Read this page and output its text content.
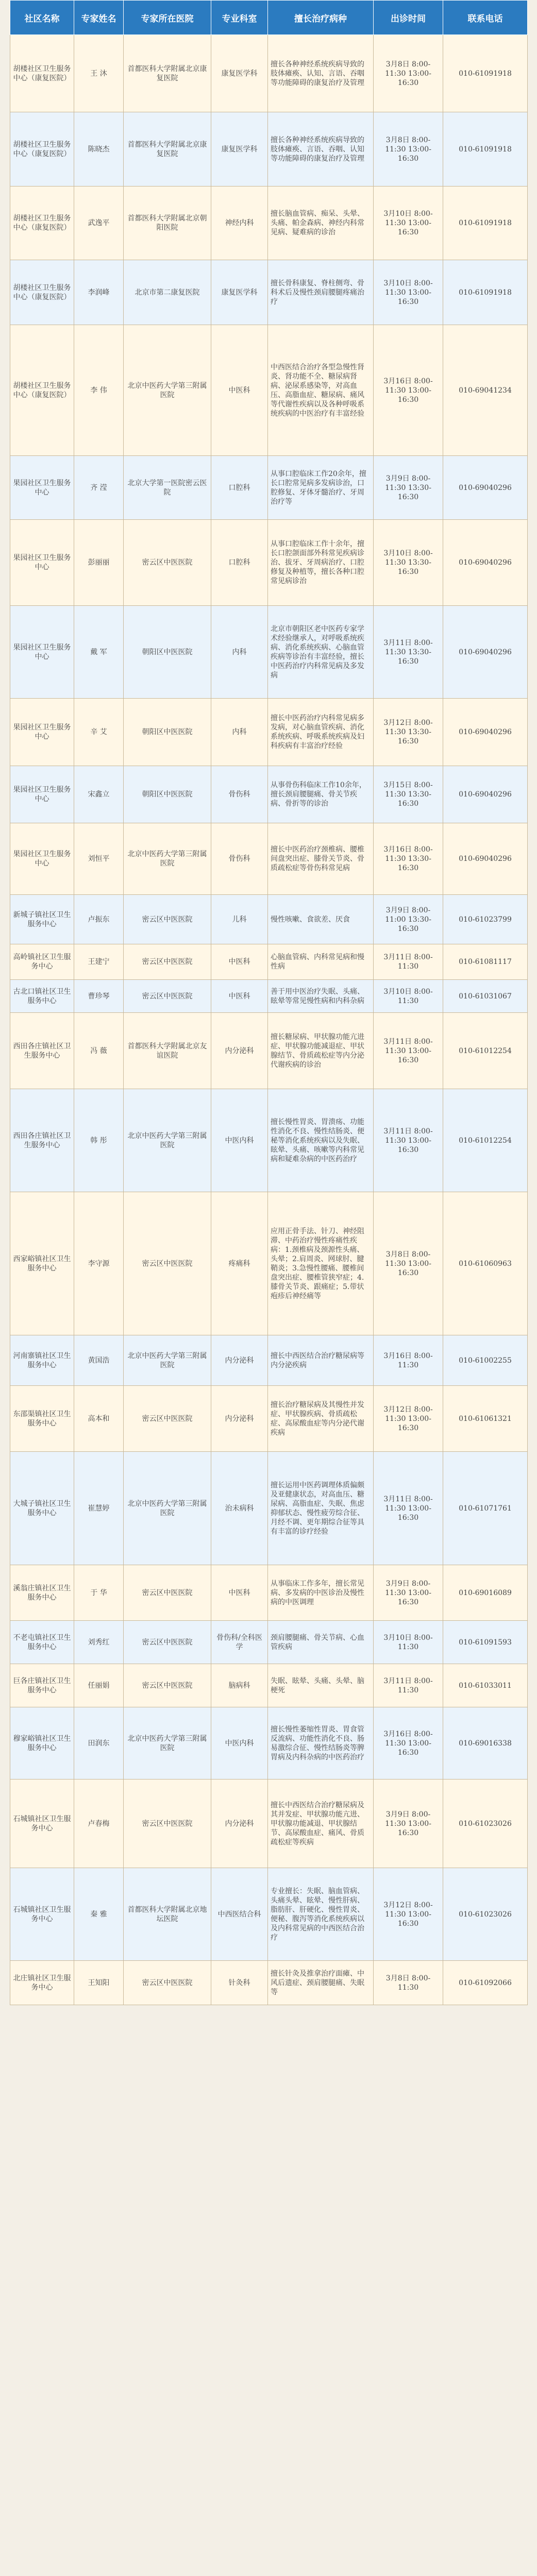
社区名称	专家姓名	专家所在医院	专业科室	擅长治疗病种	出诊时间	联系电话
胡楼社区卫生服务中心（康复医院）	王 沐	首都医科大学附属北京康复医院	康复医学科	擅长各种神经系统疾病导致的肢体瘫痪、认知、言语、吞咽等功能障碍的康复治疗及管理	3月8日 8:00-11:30 13:00-16:30	010-61091918
胡楼社区卫生服务中心（康复医院）	陈晓杰	首都医科大学附属北京康复医院	康复医学科	擅长各种神经系统疾病导致的肢体瘫痪、言语、吞咽、认知等功能障碍的康复治疗及管理	3月8日 8:00-11:30 13:00-16:30	010-61091918
胡楼社区卫生服务中心（康复医院）	武逸平	首都医科大学附属北京朝阳医院	神经内科	擅长脑血管病、痴呆、头晕、头痛、帕金森病、神经内科常见病、疑难病的诊治	3月10日 8:00-11:30 13:00-16:30	010-61091918
胡楼社区卫生服务中心（康复医院）	李润峰	北京市第二康复医院	康复医学科	擅长骨科康复、脊柱侧弯、骨科术后及慢性颈肩腰腿疼痛治疗	3月10日 8:00-11:30 13:00-16:30	010-61091918
胡楼社区卫生服务中心（康复医院）	李 伟	北京中医药大学第三附属医院	中医科	中西医结合治疗各型急慢性肾炎、肾功能不全、糖尿病肾病、泌尿系感染等，对高血压、高脂血症、糖尿病、痛风等代谢性疾病以及各种呼吸系统疾病的中医治疗有丰富经验	3月16日 8:00-11:30 13:00-16:30	010-69041234
果园社区卫生服务中心	齐 滢	北京大学第一医院密云医院	口腔科	从事口腔临床工作20余年，擅长口腔常见病多发病诊治，口腔修复、牙体牙髓治疗、牙周治疗等	3月9日 8:00-11:30 13:30-16:30	010-69040296
果园社区卫生服务中心	彭丽丽	密云区中医医院	口腔科	从事口腔临床工作十余年，擅长口腔颌面部外科常见疾病诊治、拔牙、牙周病治疗、口腔修复及种植等，擅长各种口腔常见病诊治	3月10日 8:00-11:30 13:30-16:30	010-69040296
果园社区卫生服务中心	戴 军	朝阳区中医医院	内科	北京市朝阳区老中医药专家学术经验继承人，对呼吸系统疾病、消化系统疾病、心脑血管疾病等诊治有丰富经验，擅长中医药治疗内科常见病及多发病	3月11日 8:00-11:30 13:30-16:30	010-69040296
果园社区卫生服务中心	辛 艾	朝阳区中医医院	内科	擅长中医药治疗内科常见病多发病，对心脑血管疾病、消化系统疾病、呼吸系统疾病及妇科疾病有丰富治疗经验	3月12日 8:00-11:30 13:30-16:30	010-69040296
果园社区卫生服务中心	宋鑫立	朝阳区中医医院	骨伤科	从事骨伤科临床工作10余年，擅长颈肩腰腿痛、骨关节疾病、骨折等的诊治	3月15日 8:00-11:30 13:30-16:30	010-69040296
果园社区卫生服务中心	刘恒平	北京中医药大学第三附属医院	骨伤科	擅长中医药治疗颈椎病、腰椎间盘突出症、膝骨关节炎、骨质疏松症等骨伤科常见病	3月16日 8:00-11:30 13:30-16:30	010-69040296
新城子镇社区卫生服务中心	卢振东	密云区中医医院	儿科	慢性咳嗽、食欲差、厌食	3月9日 8:00-11:00 13:30-16:30	010-61023799
高岭镇社区卫生服务中心	王建宁	密云区中医医院	中医科	心脑血管病、内科常见病和慢性病	3月11日 8:00-11:30	010-61081117
古北口镇社区卫生服务中心	曹珍琴	密云区中医医院	中医科	善于用中医治疗失眠、头痛、眩晕等常见慢性病和内科杂病	3月10日 8:00-11:30	010-61031067
西田各庄镇社区卫生服务中心	冯 薇	首都医科大学附属北京友谊医院	内分泌科	擅长糖尿病、甲状腺功能亢进症、甲状腺功能减退症、甲状腺结节、骨质疏松症等内分泌代谢疾病的诊治	3月11日 8:00-11:30 13:00-16:30	010-61012254
西田各庄镇社区卫生服务中心	韩 彤	北京中医药大学第三附属医院	中医内科	擅长慢性胃炎、胃溃疡、功能性消化不良、慢性结肠炎、便秘等消化系统疾病以及失眠、眩晕、头痛、咳嗽等内科常见病和疑难杂病的中医药治疗	3月11日 8:00-11:30 13:00-16:30	010-61012254
西家峪镇社区卫生服务中心	李守源	密云区中医医院	疼痛科	应用正骨手法、针刀、神经阻滞、中药治疗慢性疼痛性疾病：1.颈椎病及颈源性头痛、头晕；2.肩周炎、网球肘、腱鞘炎；3.急慢性腰痛、腰椎间盘突出症、腰椎管狭窄症；4.膝骨关节炎、跟痛症；5.带状疱疹后神经痛等	3月8日 8:00-11:30 13:00-16:30	010-61060963
河南寨镇社区卫生服务中心	黄国浩	北京中医药大学第三附属医院	内分泌科	擅长中西医结合治疗糖尿病等内分泌疾病	3月16日 8:00-11:30	010-61002255
东邵渠镇社区卫生服务中心	高本和	密云区中医医院	内分泌科	擅长治疗糖尿病及其慢性并发症、甲状腺疾病、骨质疏松症、高尿酸血症等内分泌代谢疾病	3月12日 8:00-11:30 13:00-16:30	010-61061321
大城子镇社区卫生服务中心	崔慧婷	北京中医药大学第三附属医院	治未病科	擅长运用中医药调理体质偏颇及亚健康状态，对高血压、糖尿病、高脂血症、失眠、焦虑抑郁状态、慢性疲劳综合征、月经不调、更年期综合征等具有丰富的诊疗经验	3月11日 8:00-11:30 13:00-16:30	010-61071761
溪翁庄镇社区卫生服务中心	于 华	密云区中医医院	中医科	从事临床工作多年，擅长常见病、多发病的中医诊治及慢性病的中医调理	3月9日 8:00-11:30 13:00-16:30	010-69016089
不老屯镇社区卫生服务中心	刘秀红	密云区中医医院	骨伤科/全科医学	颈肩腰腿痛、骨关节病、心血管疾病	3月10日 8:00-11:30	010-61091593
巨各庄镇社区卫生服务中心	任丽娟	密云区中医医院	脑病科	失眠、眩晕、头痛、头晕、脑梗死	3月11日 8:00-11:30	010-61033011
穆家峪镇社区卫生服务中心	田润东	北京中医药大学第三附属医院	中医内科	擅长慢性萎缩性胃炎、胃食管反流病、功能性消化不良、肠易激综合征、慢性结肠炎等脾胃病及内科杂病的中医药治疗	3月16日 8:00-11:30 13:00-16:30	010-69016338
石城镇社区卫生服务中心	卢春梅	密云区中医医院	内分泌科	擅长中西医结合治疗糖尿病及其并发症、甲状腺功能亢进、甲状腺功能减退、甲状腺结节、高尿酸血症、痛风、骨质疏松症等疾病	3月9日 8:00-11:30 13:00-16:30	010-61023026
石城镇社区卫生服务中心	秦 雅	首都医科大学附属北京地坛医院	中西医结合科	专业擅长：失眠、脑血管病、头痛头晕、眩晕、慢性肝病、脂肪肝、肝硬化、慢性胃炎、便秘、腹泻等消化系统疾病以及内科常见病的中西医结合治疗	3月12日 8:00-11:30 13:00-16:30	010-61023026
北庄镇社区卫生服务中心	王知阳	密云区中医医院	针灸科	擅长针灸及推拿治疗面瘫、中风后遗症、颈肩腰腿痛、失眠等	3月8日 8:00-11:30	010-61092066
